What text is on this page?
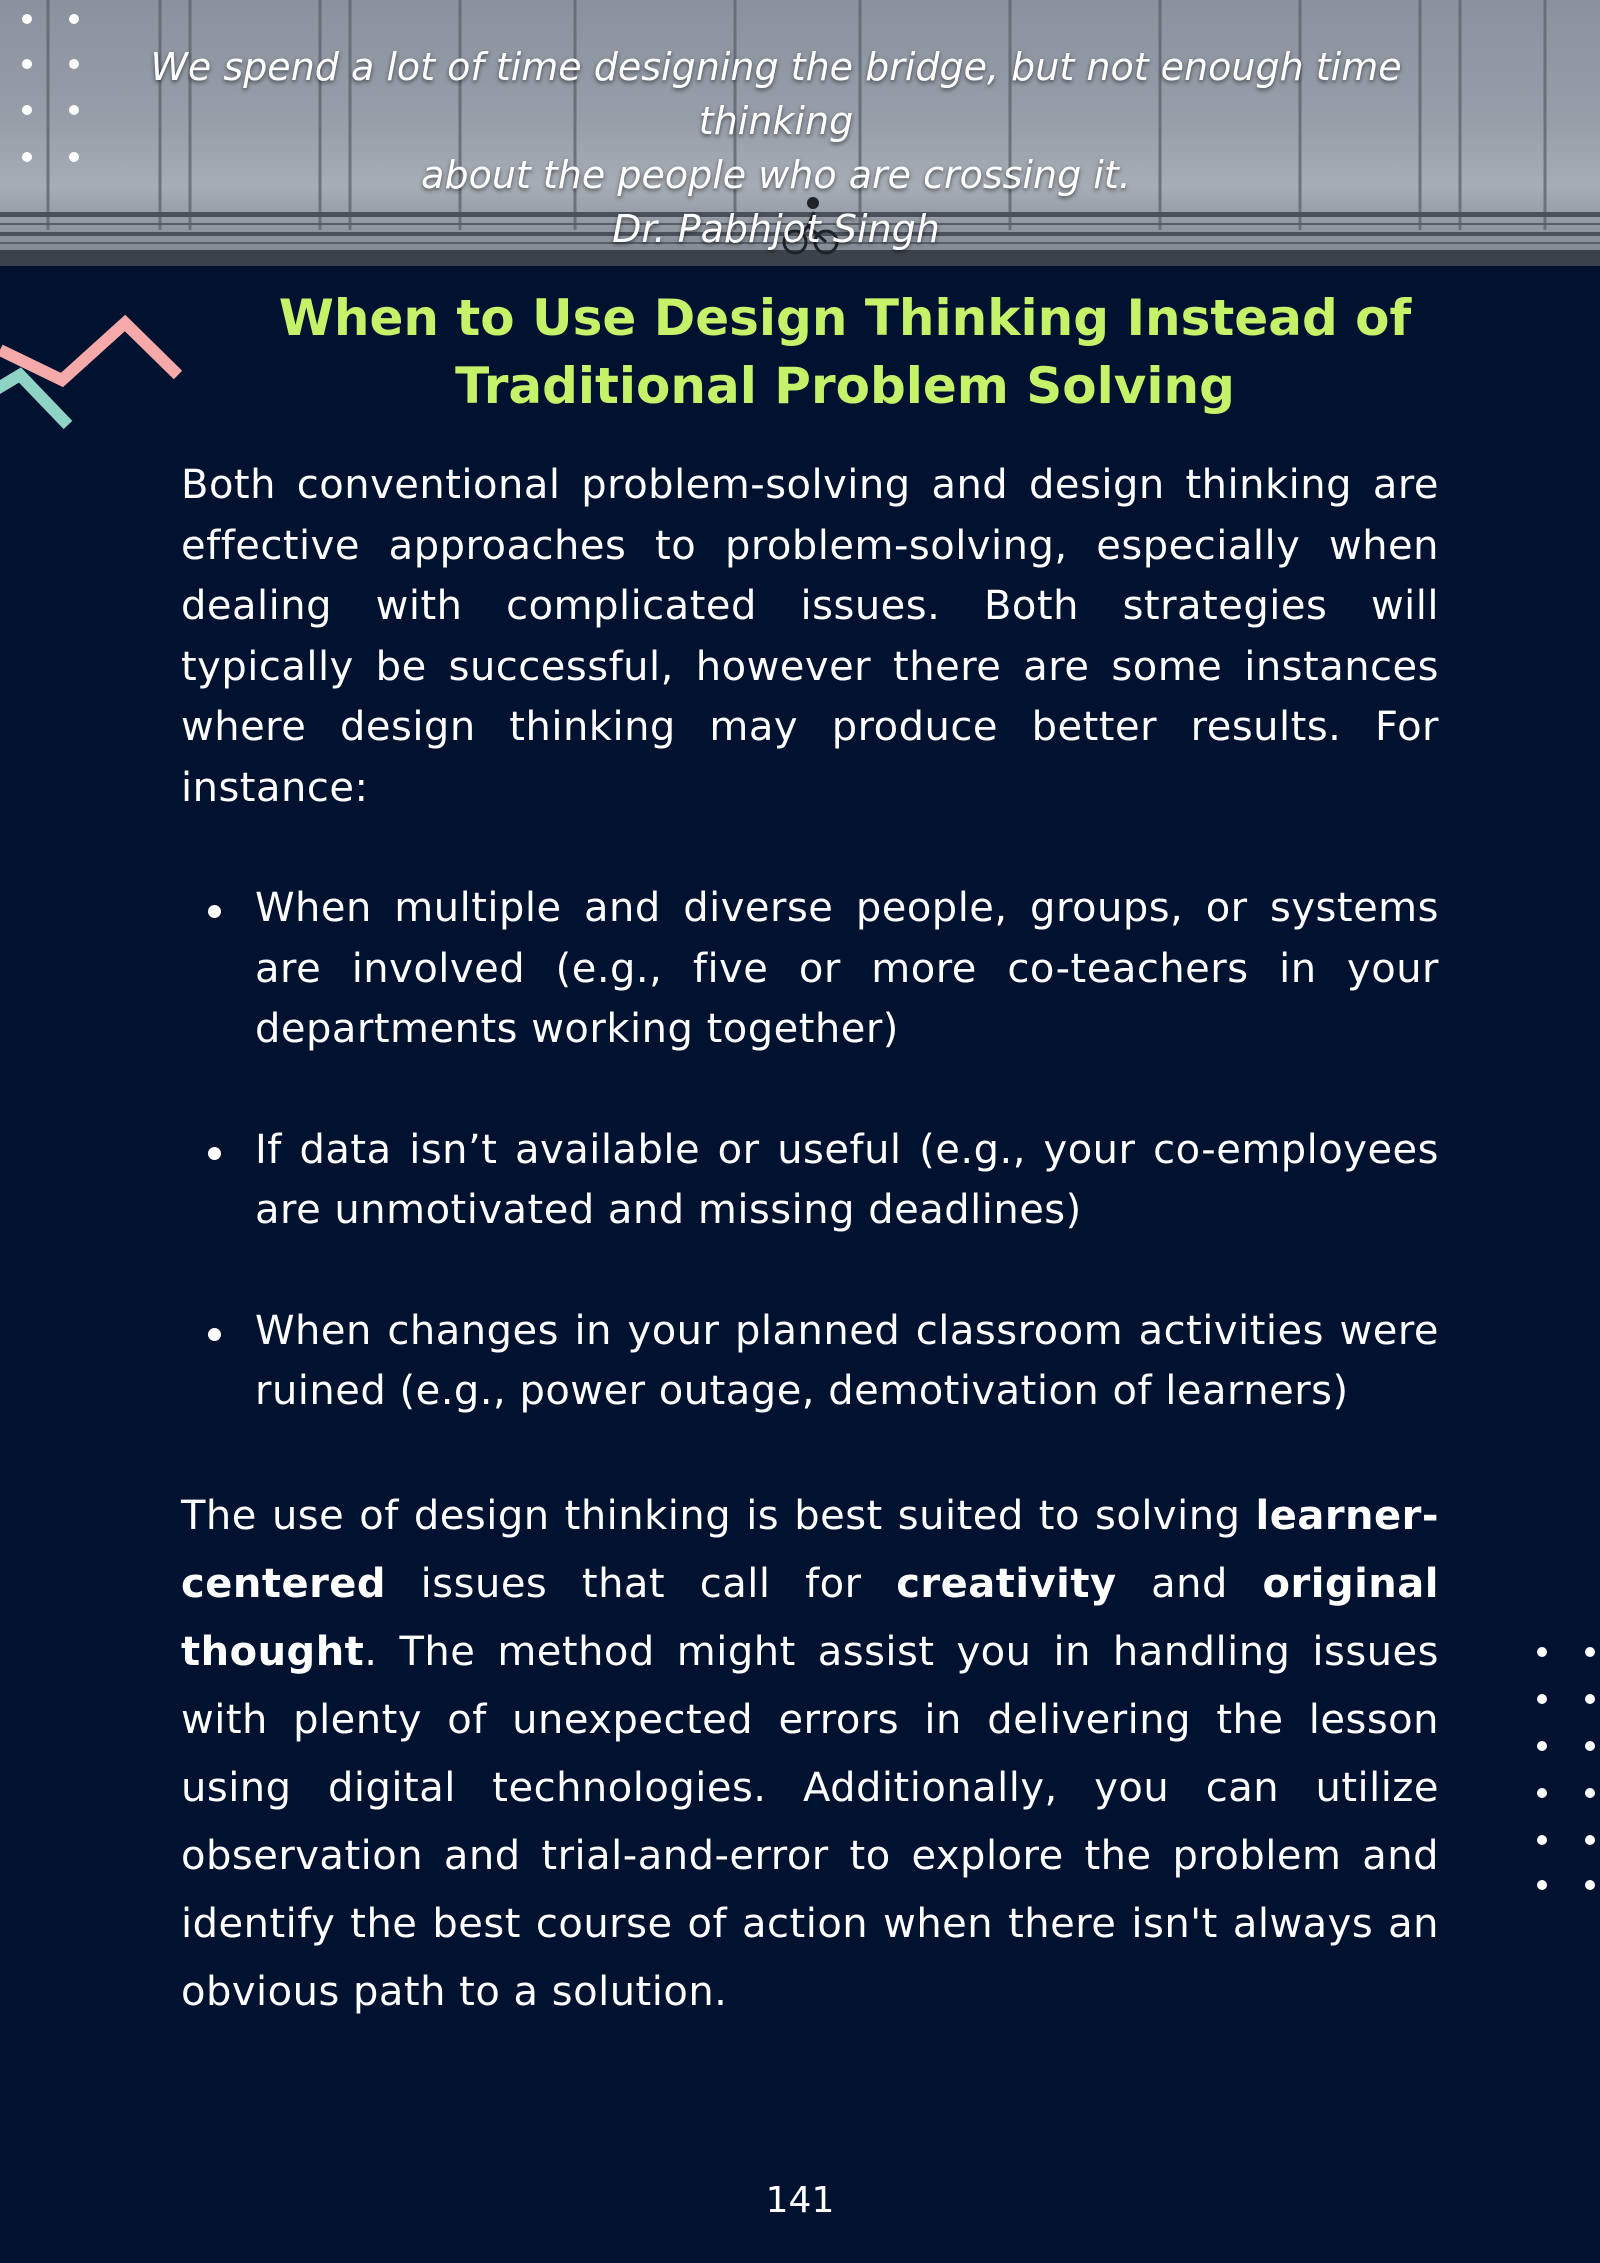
We spend a lot of time designing the bridge, but not enough time thinking
about the people who are crossing it.
Dr. Pabhjot Singh
When to Use Design Thinking Instead of
Traditional Problem Solving

Both conventional problem-solving and design thinking are effective approaches to problem-solving, especially when dealing with complicated issues. Both strategies will typically be successful, however there are some instances where design thinking may produce better results. For instance:

When multiple and diverse people, groups, or systems are involved (e.g., five or more co-teachers in your departments working together)
If data isn’t available or useful (e.g., your co-employees are unmotivated and missing deadlines)
When changes in your planned classroom activities were ruined (e.g., power outage, demotivation of learners)

The use of design thinking is best suited to solving learner-centered issues that call for creativity and original thought. The method might assist you in handling issues with plenty of unexpected errors in delivering the lesson using digital technologies. Additionally, you can utilize observation and trial-and-error to explore the problem and identify the best course of action when there isn't always an obvious path to a solution.

141
